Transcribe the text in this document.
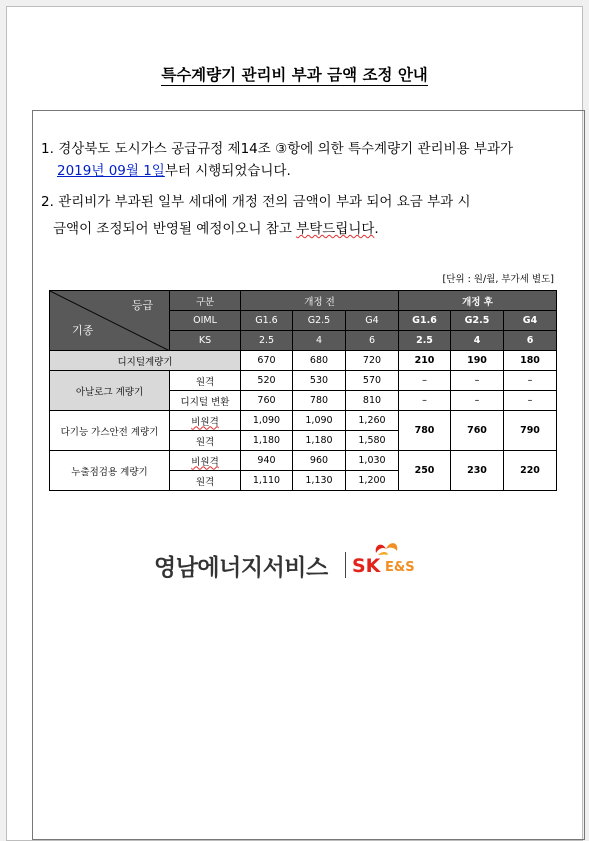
특수계량기 관리비 부과 금액 조정 안내
1. 경상북도 도시가스 공급규정 제14조 ③항에 의한 특수계량기 관리비용 부과가
2019년 09월 1일부터 시행되었습니다.
2. 관리비가 부과된 일부 세대에 개정 전의 금액이 부과 되어 요금 부과 시
금액이 조정되어 반영될 예정이오니 참고 부탁드립니다.
[단위 : 원/월, 부가세 별도]
등급
기종	구분	개정 전			개정 후		
	OIML	G1.6	G2.5	G4	G1.6	G2.5	G4
	KS	2.5	4	6	2.5	4	6
디지털계량기		670	680	720	210	190	180
아날로그 계량기	원격	520	530	570	–	–	–
	디지털 변환	760	780	810	–	–	–
다기능 가스안전 계량기	비원격	1,090	1,090	1,260	780	760	790
	원격	1,180	1,180	1,580			
누출점검용 계량기	비원격	940	960	1,030	250	230	220
	원격	1,110	1,130	1,200			
영남에너지서비스 SK E&S
